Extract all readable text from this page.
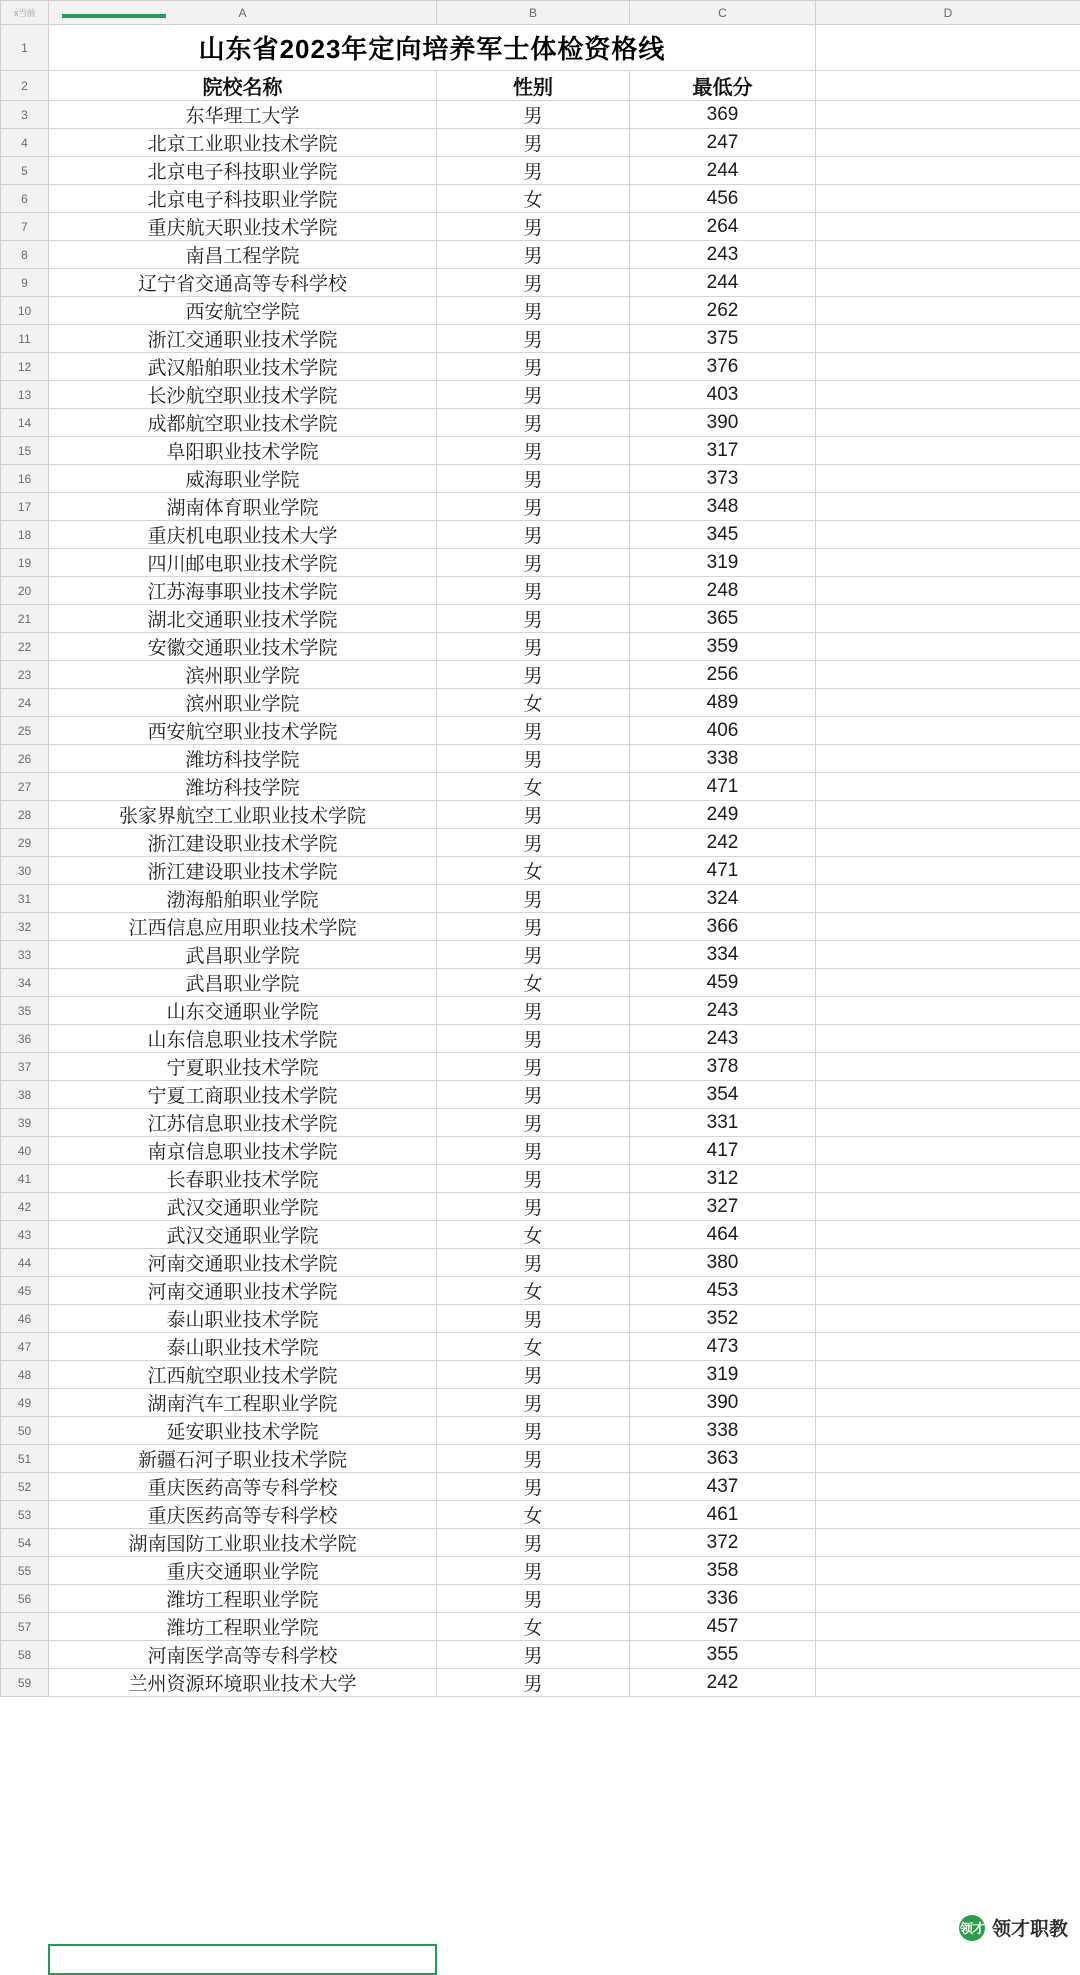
x当前	A	B	C	D
1	山东省2023年定向培养军士体检资格线			
2	院校名称	性别	最低分	
3	东华理工大学	男	369	
4	北京工业职业技术学院	男	247	
5	北京电子科技职业学院	男	244	
6	北京电子科技职业学院	女	456	
7	重庆航天职业技术学院	男	264	
8	南昌工程学院	男	243	
9	辽宁省交通高等专科学校	男	244	
10	西安航空学院	男	262	
11	浙江交通职业技术学院	男	375	
12	武汉船舶职业技术学院	男	376	
13	长沙航空职业技术学院	男	403	
14	成都航空职业技术学院	男	390	
15	阜阳职业技术学院	男	317	
16	威海职业学院	男	373	
17	湖南体育职业学院	男	348	
18	重庆机电职业技术大学	男	345	
19	四川邮电职业技术学院	男	319	
20	江苏海事职业技术学院	男	248	
21	湖北交通职业技术学院	男	365	
22	安徽交通职业技术学院	男	359	
23	滨州职业学院	男	256	
24	滨州职业学院	女	489	
25	西安航空职业技术学院	男	406	
26	潍坊科技学院	男	338	
27	潍坊科技学院	女	471	
28	张家界航空工业职业技术学院	男	249	
29	浙江建设职业技术学院	男	242	
30	浙江建设职业技术学院	女	471	
31	渤海船舶职业学院	男	324	
32	江西信息应用职业技术学院	男	366	
33	武昌职业学院	男	334	
34	武昌职业学院	女	459	
35	山东交通职业学院	男	243	
36	山东信息职业技术学院	男	243	
37	宁夏职业技术学院	男	378	
38	宁夏工商职业技术学院	男	354	
39	江苏信息职业技术学院	男	331	
40	南京信息职业技术学院	男	417	
41	长春职业技术学院	男	312	
42	武汉交通职业学院	男	327	
43	武汉交通职业学院	女	464	
44	河南交通职业技术学院	男	380	
45	河南交通职业技术学院	女	453	
46	泰山职业技术学院	男	352	
47	泰山职业技术学院	女	473	
48	江西航空职业技术学院	男	319	
49	湖南汽车工程职业学院	男	390	
50	延安职业技术学院	男	338	
51	新疆石河子职业技术学院	男	363	
52	重庆医药高等专科学校	男	437	
53	重庆医药高等专科学校	女	461	
54	湖南国防工业职业技术学院	男	372	
55	重庆交通职业学院	男	358	
56	潍坊工程职业学院	男	336	
57	潍坊工程职业学院	女	457	
58	河南医学高等专科学校	男	355	
59	兰州资源环境职业技术大学	男	242	
领才 领才职教
